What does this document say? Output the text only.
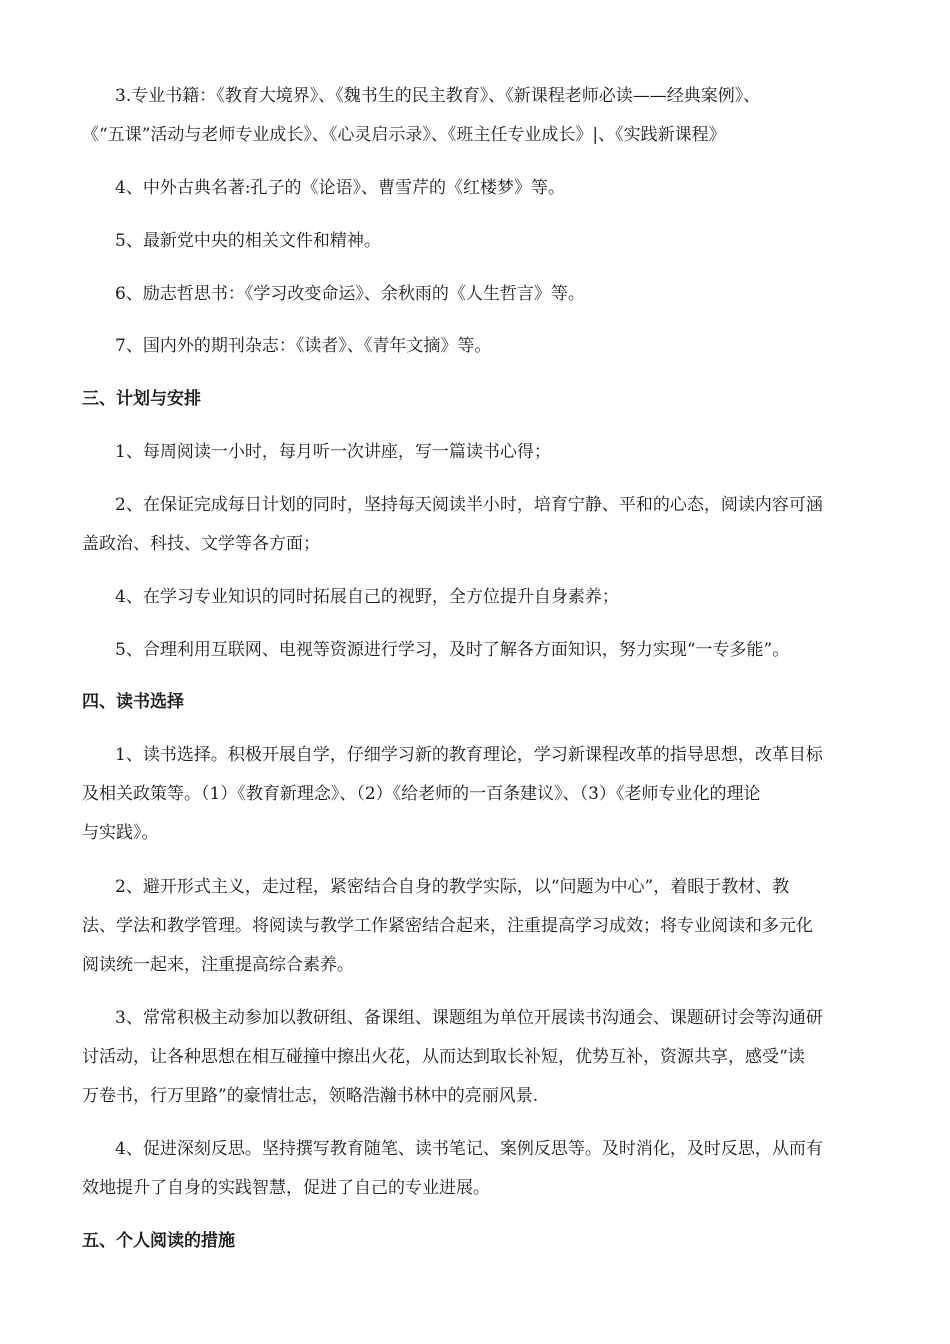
3.专业书籍：《教育大境界》、《魏书生的民主教育》、《新课程老师必读——经典案例》、
《“五课”活动与老师专业成长》、《心灵启示录》、《班主任专业成长》|、《实践新课程》
4、中外古典名著:孔子的《论语》、曹雪芹的《红楼梦》等。
5、最新党中央的相关文件和精神。
6、励志哲思书：《学习改变命运》、余秋雨的《人生哲言》等。
7、国内外的期刊杂志：《读者》、《青年文摘》等。
三、计划与安排
1、每周阅读一小时，每月听一次讲座，写一篇读书心得；
2、在保证完成每日计划的同时，坚持每天阅读半小时，培育宁静、平和的心态，阅读内容可涵
盖政治、科技、文学等各方面；
4、在学习专业知识的同时拓展自己的视野，全方位提升自身素养；
5、合理利用互联网、电视等资源进行学习，及时了解各方面知识，努力实现“一专多能”。
四、读书选择
1、读书选择。积极开展自学，仔细学习新的教育理论，学习新课程改革的指导思想，改革目标
及相关政策等。（1）《教育新理念》、（2）《给老师的一百条建议》、（3）《老师专业化的理论
与实践》。
2、避开形式主义，走过程，紧密结合自身的教学实际，以“问题为中心”，着眼于教材、教
法、学法和教学管理。将阅读与教学工作紧密结合起来，注重提高学习成效；将专业阅读和多元化
阅读统一起来，注重提高综合素养。
3、常常积极主动参加以教研组、备课组、课题组为单位开展读书沟通会、课题研讨会等沟通研
讨活动，让各种思想在相互碰撞中擦出火花，从而达到取长补短，优势互补，资源共享，感受“读
万卷书，行万里路”的豪情壮志，领略浩瀚书林中的亮丽风景.
4、促进深刻反思。坚持撰写教育随笔、读书笔记、案例反思等。及时消化，及时反思，从而有
效地提升了自身的实践智慧，促进了自己的专业进展。
五、个人阅读的措施
